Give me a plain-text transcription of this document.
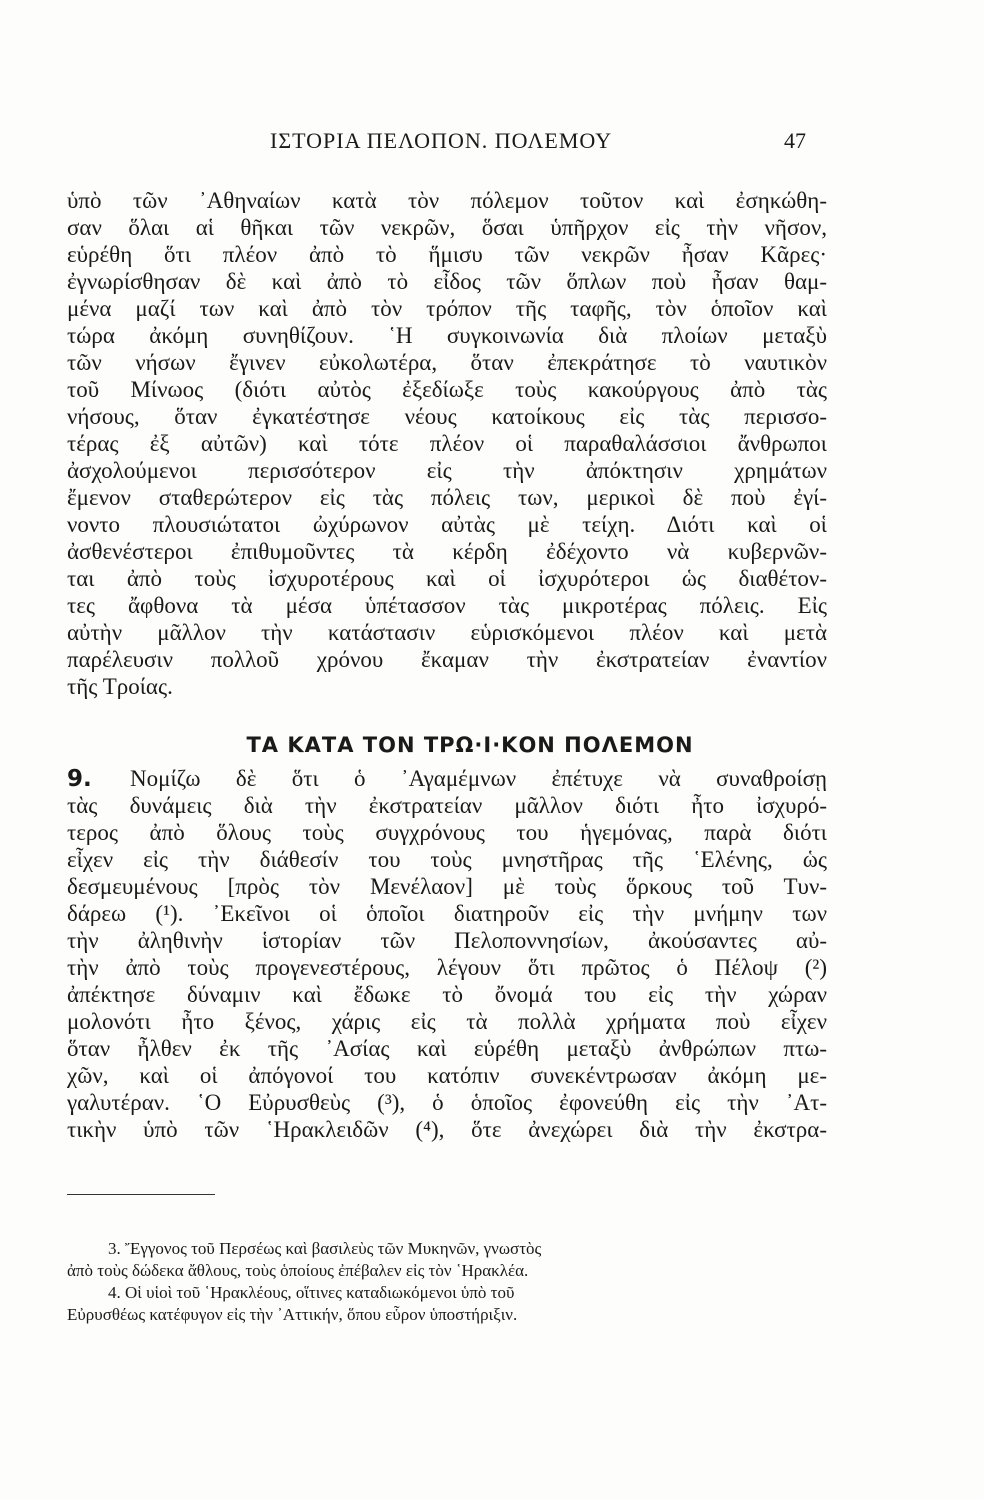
ΙΣΤΟΡΙΑ ΠΕΛΟΠΟΝ. ΠΟΛΕΜΟΥ	47
ὑπὸ τῶν ᾿Αθηναίων κατὰ τὸν πόλεμον τοῦτον καὶ ἐσηκώθη-
σαν ὅλαι αἱ θῆκαι τῶν νεκρῶν, ὅσαι ὑπῆρχον εἰς τὴν νῆσον,
εὑρέθη ὅτι πλέον ἀπὸ τὸ ἥμισυ τῶν νεκρῶν ἦσαν Κᾶρες·
ἐγνωρίσθησαν δὲ καὶ ἀπὸ τὸ εἶδος τῶν ὅπλων ποὺ ἦσαν θαμ-
μένα μαζί των καὶ ἀπὸ τὸν τρόπον τῆς ταφῆς, τὸν ὁποῖον καὶ
τώρα ἀκόμη συνηθίζουν. ῾Η συγκοινωνία διὰ πλοίων μεταξὺ
τῶν νήσων ἔγινεν εὐκολωτέρα, ὅταν ἐπεκράτησε τὸ ναυτικὸν
τοῦ Μίνωος (διότι αὐτὸς ἐξεδίωξε τοὺς κακούργους ἀπὸ τὰς
νήσους, ὅταν ἐγκατέστησε νέους κατοίκους εἰς τὰς περισσο-
τέρας ἐξ αὐτῶν) καὶ τότε πλέον οἱ παραθαλάσσιοι ἄνθρωποι
ἀσχολούμενοι περισσότερον εἰς τὴν ἀπόκτησιν χρημάτων
ἔμενον σταθερώτερον εἰς τὰς πόλεις των, μερικοὶ δὲ ποὺ ἐγί-
νοντο πλουσιώτατοι ὠχύρωνον αὐτὰς μὲ τείχη. Διότι καὶ οἱ
ἀσθενέστεροι ἐπιθυμοῦντες τὰ κέρδη ἐδέχοντο νὰ κυβερνῶν-
ται ἀπὸ τοὺς ἰσχυροτέρους καὶ οἱ ἰσχυρότεροι ὡς διαθέτον-
τες ἄφθονα τὰ μέσα ὑπέτασσον τὰς μικροτέρας πόλεις. Εἰς
αὐτὴν μᾶλλον τὴν κατάστασιν εὑρισκόμενοι πλέον καὶ μετὰ
παρέλευσιν πολλοῦ χρόνου ἔκαμαν τὴν ἐκστρατείαν ἐναντίον
τῆς Τροίας.
ΤΑ ΚΑΤΑ ΤΟΝ ΤΡΩ·Ι·ΚΟΝ ΠΟΛΕΜΟΝ
Νομίζω δὲ ὅτι ὁ ᾿Αγαμέμνων ἐπέτυχε νὰ συναθροίσῃ
9.
τὰς δυνάμεις διὰ τὴν ἐκστρατείαν μᾶλλον διότι ἦτο ἰσχυρό-
τερος ἀπὸ ὅλους τοὺς συγχρόνους του ἡγεμόνας, παρὰ διότι
εἶχεν εἰς τὴν διάθεσίν του τοὺς μνηστῆρας τῆς ῾Ελένης, ὡς
δεσμευμένους [πρὸς τὸν Μενέλαον] μὲ τοὺς ὅρκους τοῦ Τυν-
δάρεω (¹). ᾿Εκεῖνοι οἱ ὁποῖοι διατηροῦν εἰς τὴν μνήμην των
τὴν ἀληθινὴν ἱστορίαν τῶν Πελοποννησίων, ἀκούσαντες αὐ-
τὴν ἀπὸ τοὺς προγενεστέρους, λέγουν ὅτι πρῶτος ὁ Πέλοψ (²)
ἀπέκτησε δύναμιν καὶ ἔδωκε τὸ ὄνομά του εἰς τὴν χώραν
μολονότι ἦτο ξένος, χάρις εἰς τὰ πολλὰ χρήματα ποὺ εἶχεν
ὅταν ἦλθεν ἐκ τῆς ᾿Ασίας καὶ εὑρέθη μεταξὺ ἀνθρώπων πτω-
χῶν, καὶ οἱ ἀπόγονοί του κατόπιν συνεκέντρωσαν ἀκόμη με-
γαλυτέραν. ῾Ο Εὐρυσθεὺς (³), ὁ ὁποῖος ἐφονεύθη εἰς τὴν ᾿Ατ-
τικὴν ὑπὸ τῶν ῾Ηρακλειδῶν (⁴), ὅτε ἀνεχώρει διὰ τὴν ἐκστρα-
3. Ἔγγονος τοῦ Περσέως καὶ βασιλεὺς τῶν Μυκηνῶν, γνωστὸς
ἀπὸ τοὺς δώδεκα ἄθλους, τοὺς ὁποίους ἐπέβαλεν εἰς τὸν ῾Ηρακλέα.
4. Οἱ υἱοὶ τοῦ ῾Ηρακλέους, οἵτινες καταδιωκόμενοι ὑπὸ τοῦ
Εὐρυσθέως κατέφυγον εἰς τὴν ᾿Αττικήν, ὅπου εὗρον ὑποστήριξιν.
